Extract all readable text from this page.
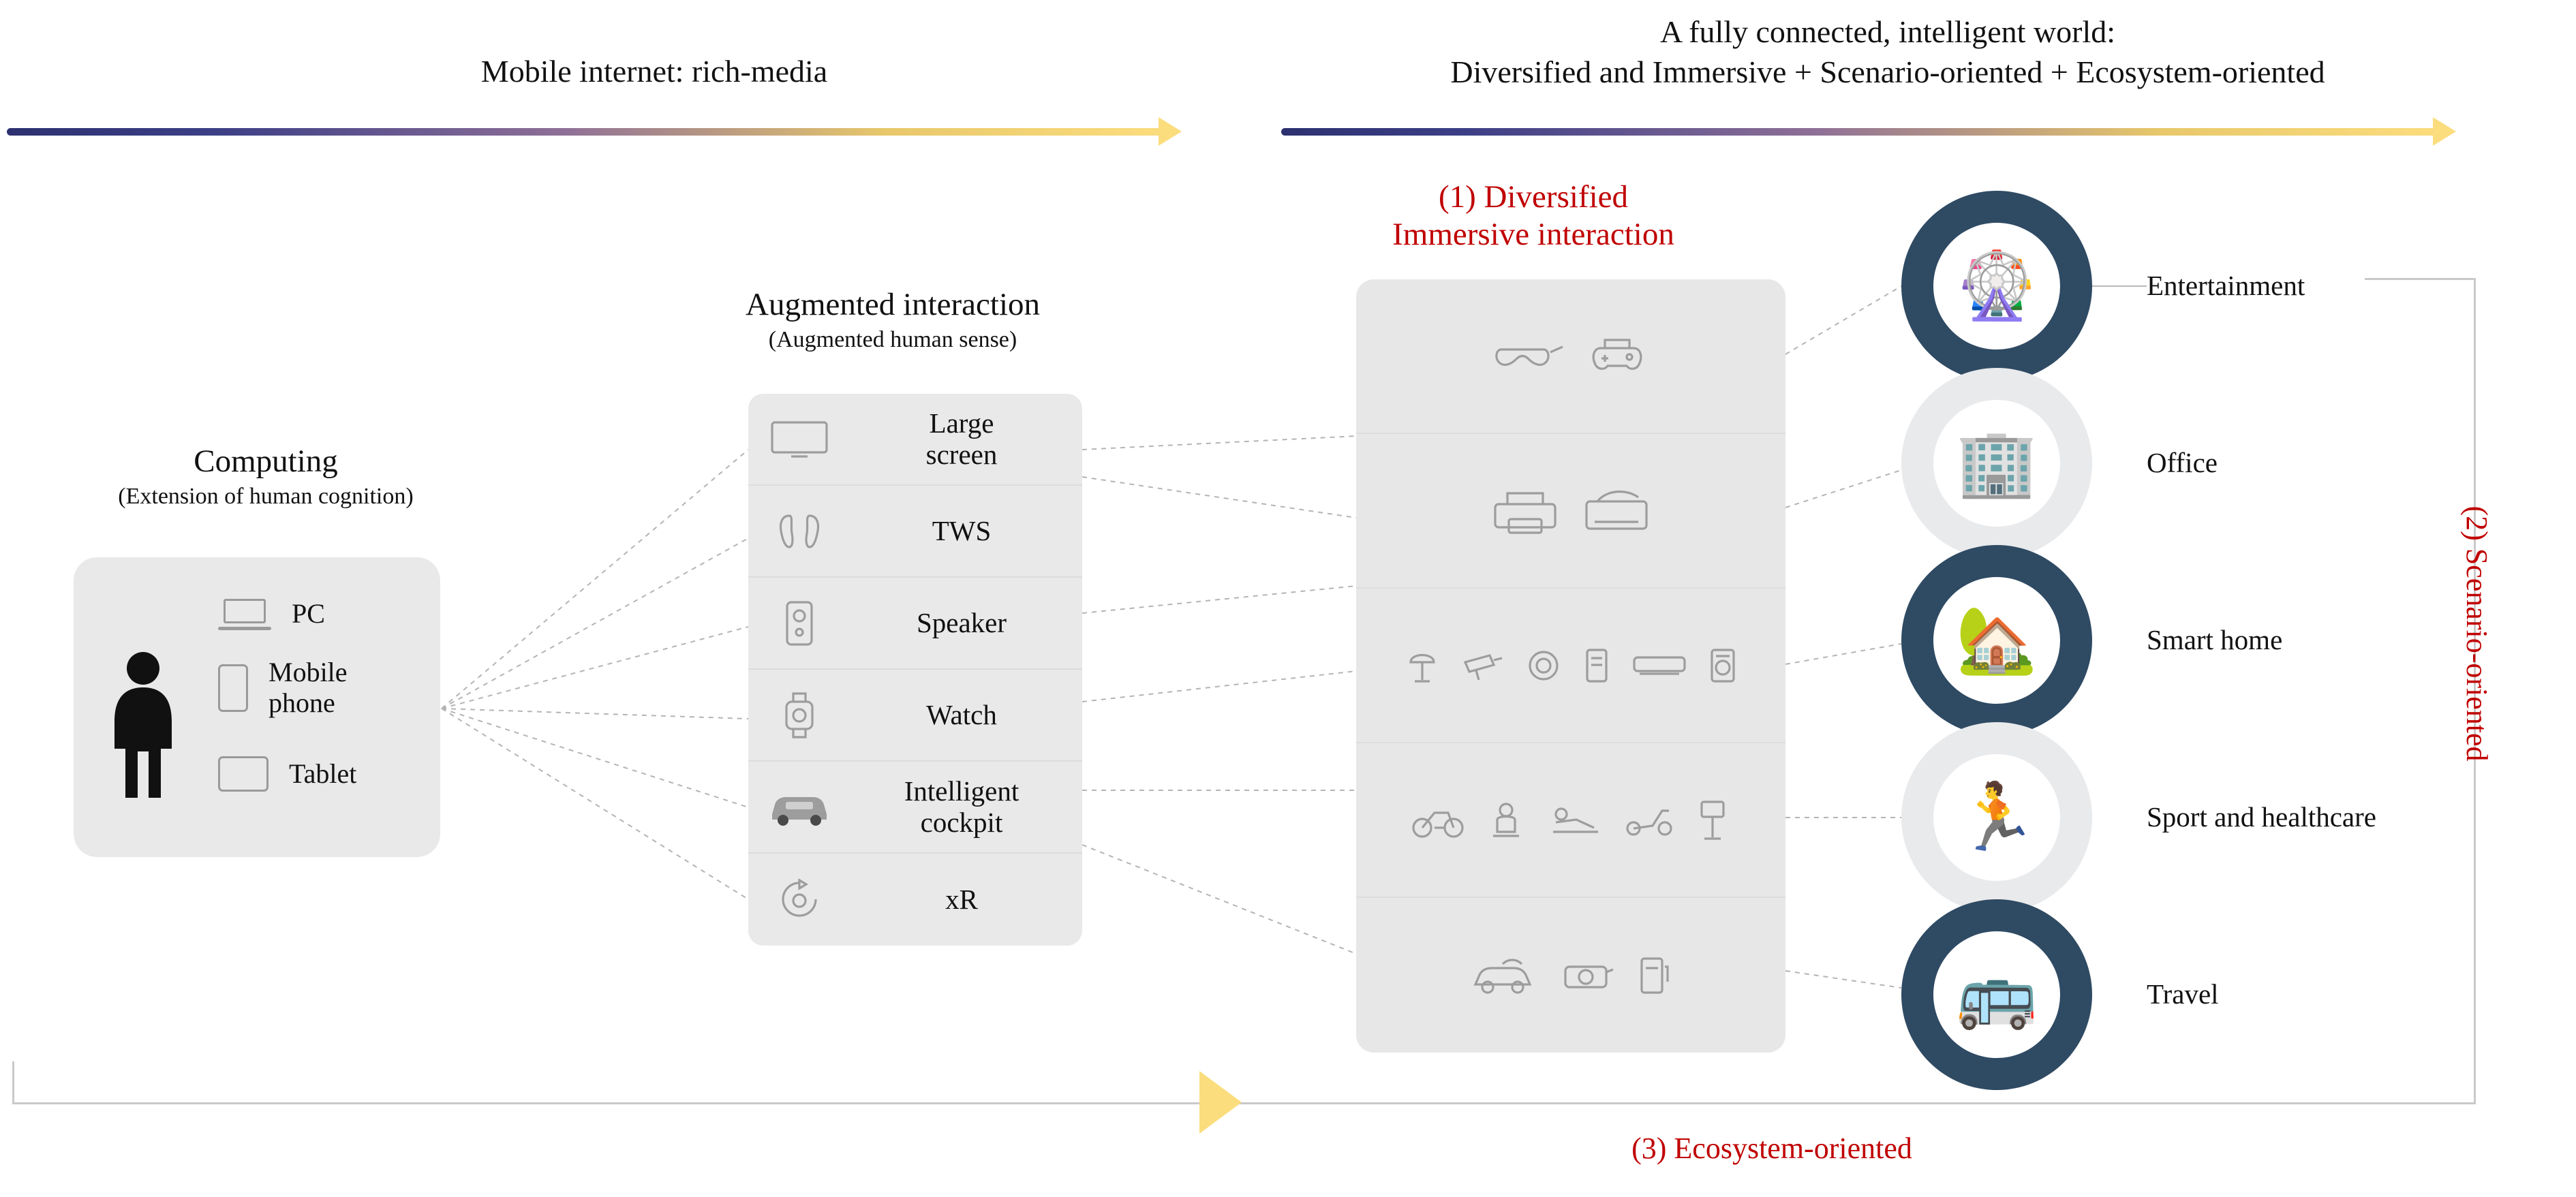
Mobile internet: rich-media
A fully connected, intelligent world:
Diversified and Immersive + Scenario-oriented + Ecosystem-oriented
Computing
(Extension of human cognition)
PC
Mobile
phone
Tablet
Augmented interaction
(Augmented human sense)
Large
screen
TWS
Speaker
Watch
Intelligent
cockpit
xR
(1) Diversified
Immersive interaction
🎡	Entertainment
🏢	Office
🏡	Smart home
🏃	Sport and healthcare
🚌	Travel
(2) Scenario-oriented
(3) Ecosystem-oriented
